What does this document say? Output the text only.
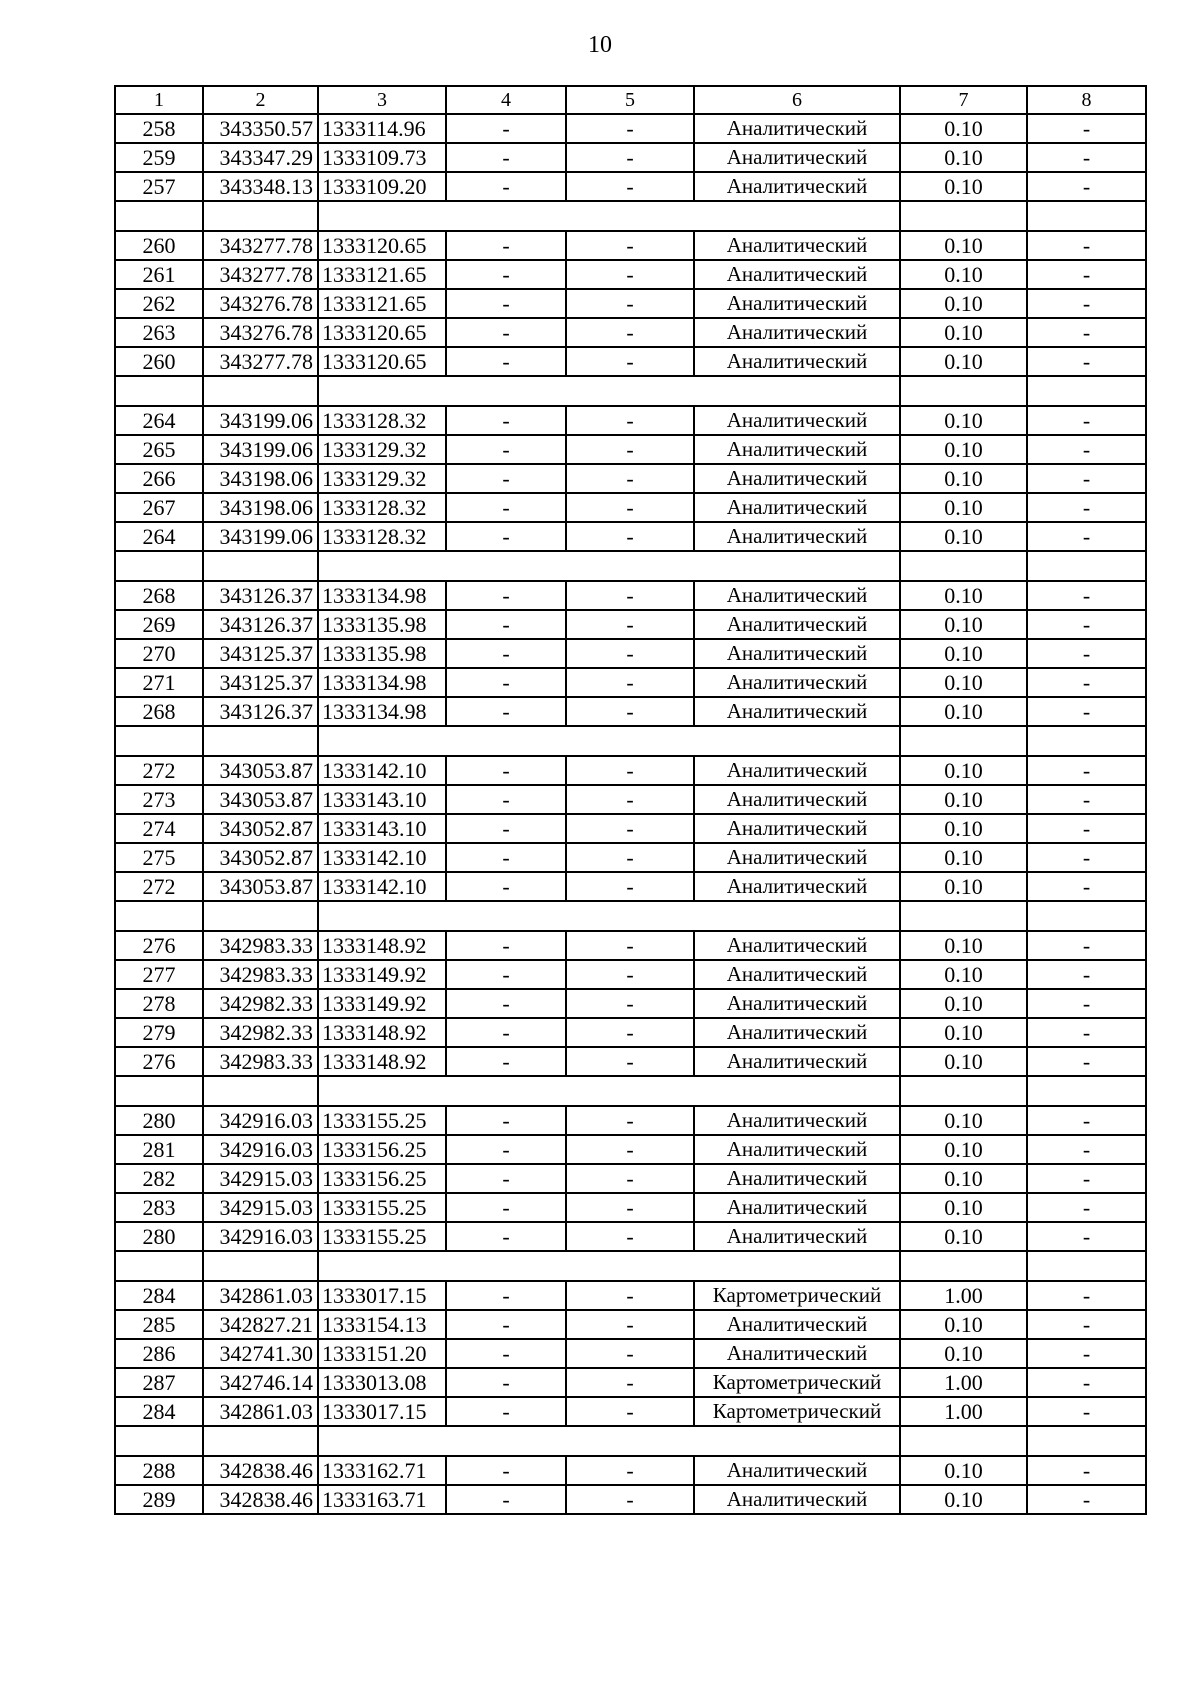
10
1	2	3	4	5	6	7	8
258	343350.57	1333114.96	-	-	Аналитический	0.10	-
259	343347.29	1333109.73	-	-	Аналитический	0.10	-
257	343348.13	1333109.20	-	-	Аналитический	0.10	-

260	343277.78	1333120.65	-	-	Аналитический	0.10	-
261	343277.78	1333121.65	-	-	Аналитический	0.10	-
262	343276.78	1333121.65	-	-	Аналитический	0.10	-
263	343276.78	1333120.65	-	-	Аналитический	0.10	-
260	343277.78	1333120.65	-	-	Аналитический	0.10	-

264	343199.06	1333128.32	-	-	Аналитический	0.10	-
265	343199.06	1333129.32	-	-	Аналитический	0.10	-
266	343198.06	1333129.32	-	-	Аналитический	0.10	-
267	343198.06	1333128.32	-	-	Аналитический	0.10	-
264	343199.06	1333128.32	-	-	Аналитический	0.10	-

268	343126.37	1333134.98	-	-	Аналитический	0.10	-
269	343126.37	1333135.98	-	-	Аналитический	0.10	-
270	343125.37	1333135.98	-	-	Аналитический	0.10	-
271	343125.37	1333134.98	-	-	Аналитический	0.10	-
268	343126.37	1333134.98	-	-	Аналитический	0.10	-

272	343053.87	1333142.10	-	-	Аналитический	0.10	-
273	343053.87	1333143.10	-	-	Аналитический	0.10	-
274	343052.87	1333143.10	-	-	Аналитический	0.10	-
275	343052.87	1333142.10	-	-	Аналитический	0.10	-
272	343053.87	1333142.10	-	-	Аналитический	0.10	-

276	342983.33	1333148.92	-	-	Аналитический	0.10	-
277	342983.33	1333149.92	-	-	Аналитический	0.10	-
278	342982.33	1333149.92	-	-	Аналитический	0.10	-
279	342982.33	1333148.92	-	-	Аналитический	0.10	-
276	342983.33	1333148.92	-	-	Аналитический	0.10	-

280	342916.03	1333155.25	-	-	Аналитический	0.10	-
281	342916.03	1333156.25	-	-	Аналитический	0.10	-
282	342915.03	1333156.25	-	-	Аналитический	0.10	-
283	342915.03	1333155.25	-	-	Аналитический	0.10	-
280	342916.03	1333155.25	-	-	Аналитический	0.10	-

284	342861.03	1333017.15	-	-	Картометрический	1.00	-
285	342827.21	1333154.13	-	-	Аналитический	0.10	-
286	342741.30	1333151.20	-	-	Аналитический	0.10	-
287	342746.14	1333013.08	-	-	Картометрический	1.00	-
284	342861.03	1333017.15	-	-	Картометрический	1.00	-

288	342838.46	1333162.71	-	-	Аналитический	0.10	-
289	342838.46	1333163.71	-	-	Аналитический	0.10	-
